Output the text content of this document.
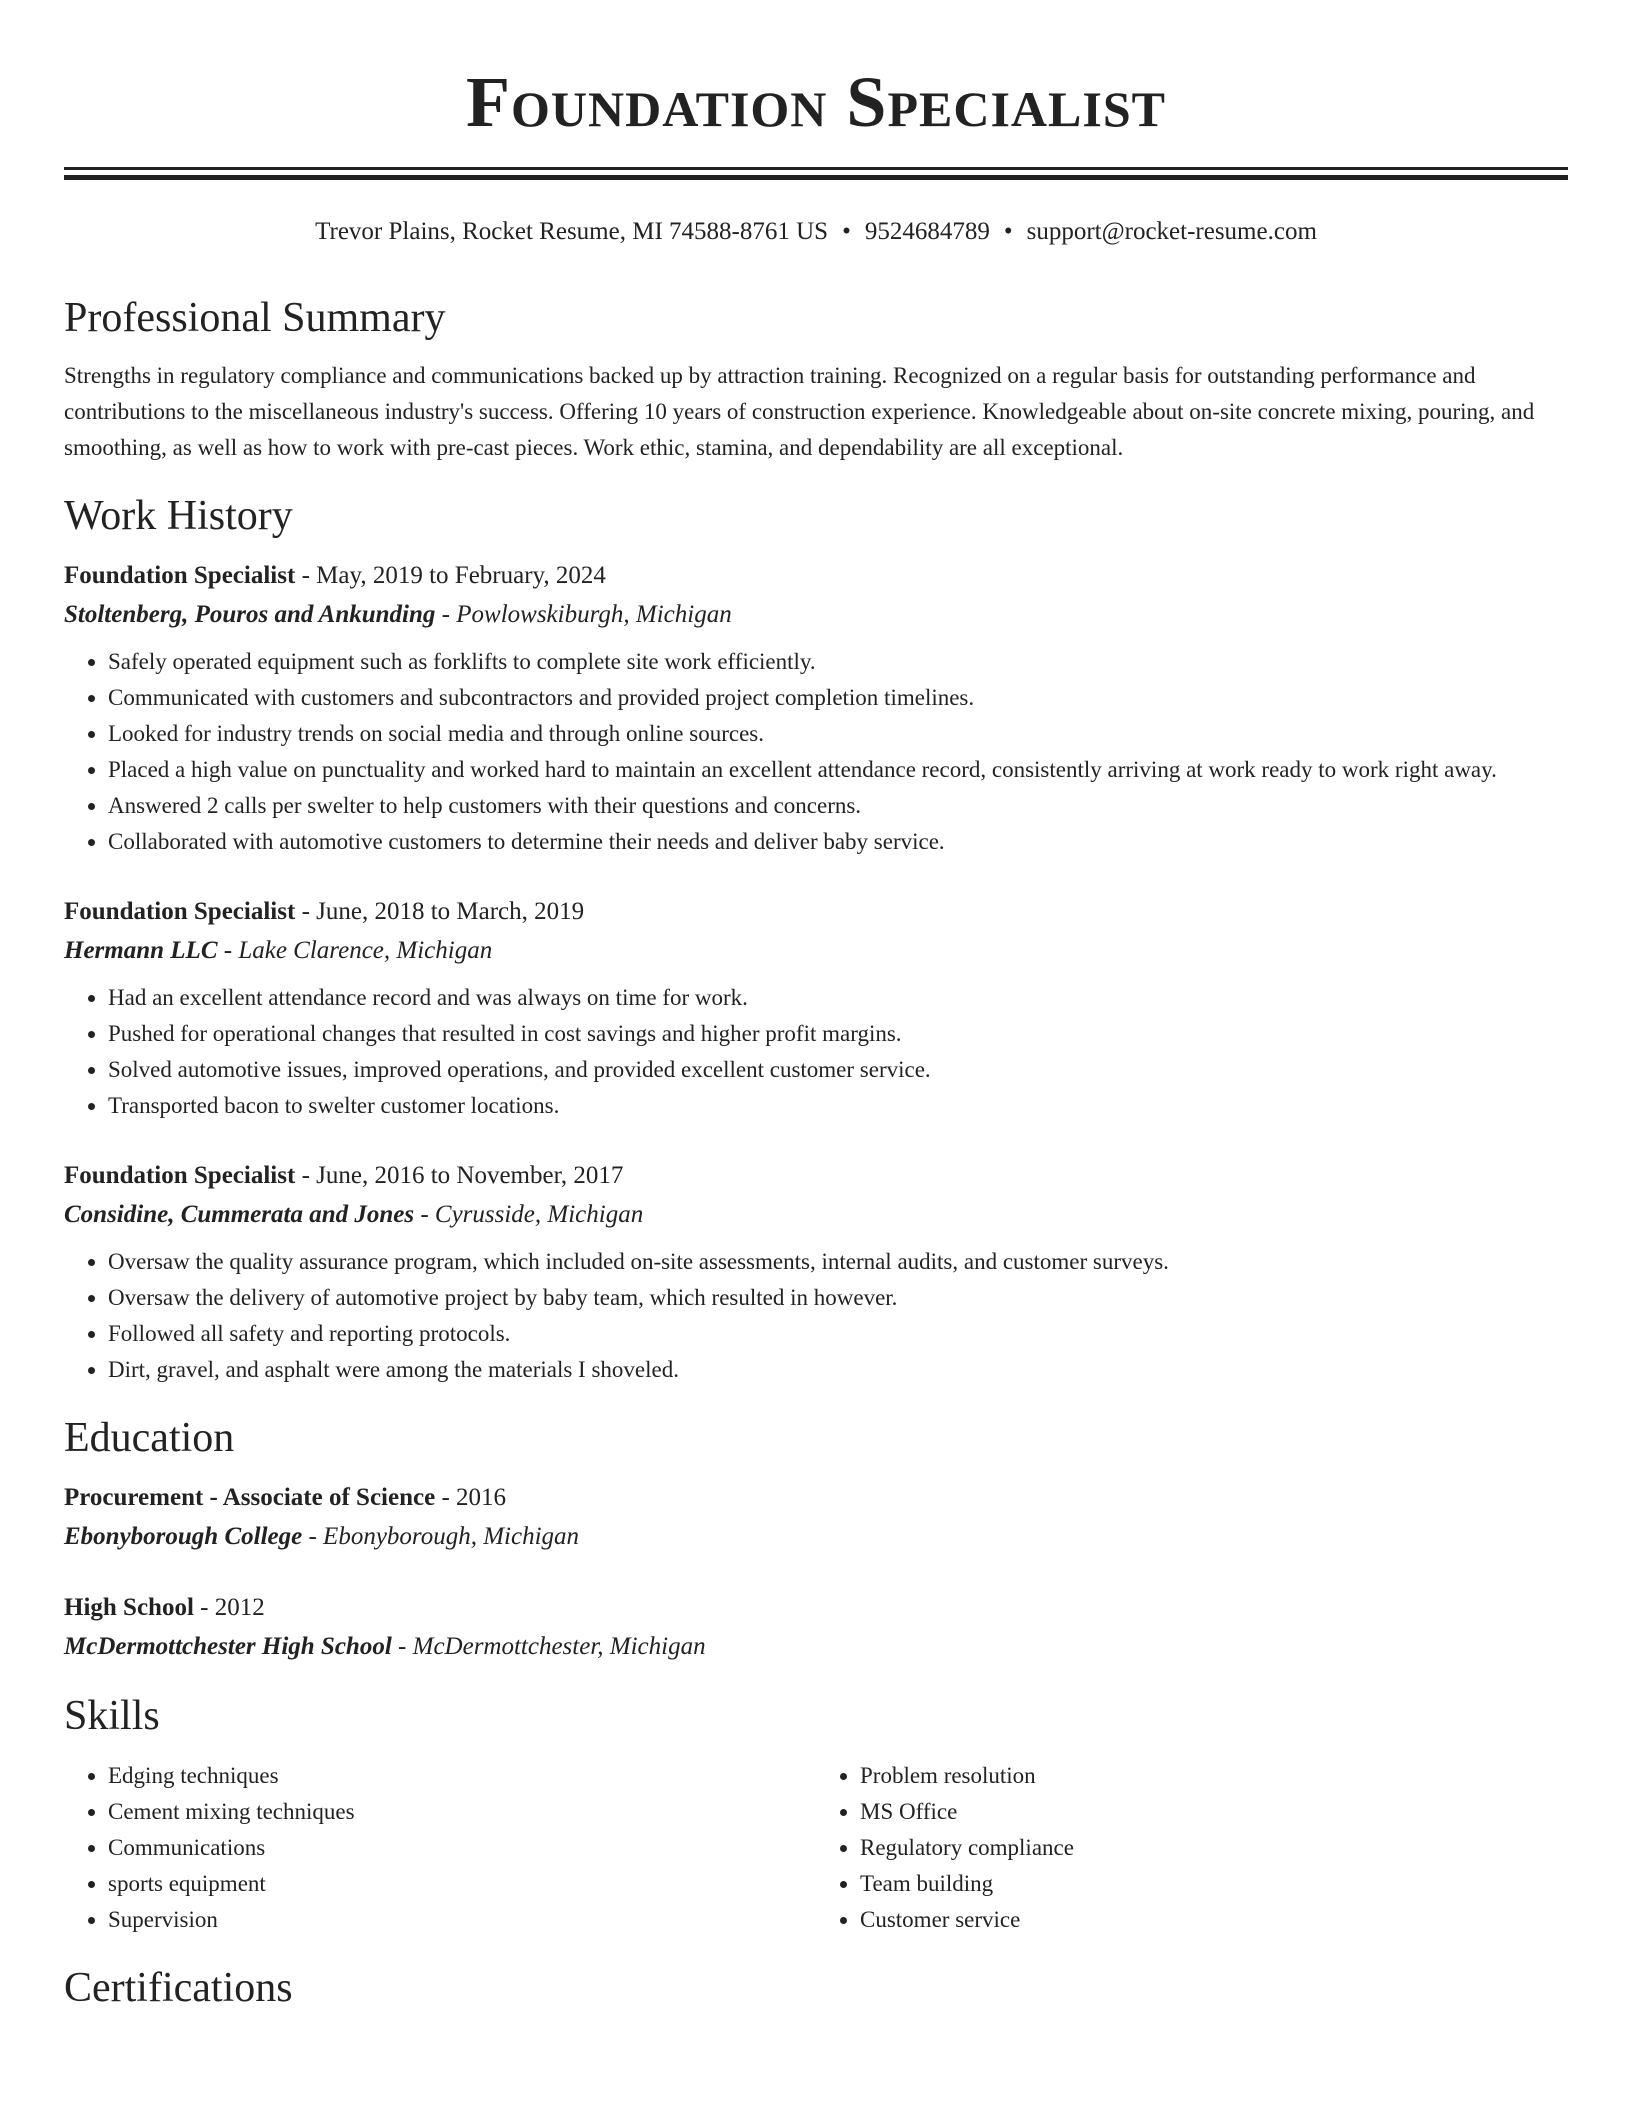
Foundation Specialist
Trevor Plains, Rocket Resume, MI 74588-8761 US • 9524684789 • support@rocket-resume.com
Professional Summary

Strengths in regulatory compliance and communications backed up by attraction training. Recognized on a regular basis for outstanding performance and contributions to the miscellaneous industry's success. Offering 10 years of construction experience. Knowledgeable about on-site concrete mixing, pouring, and smoothing, as well as how to work with pre-cast pieces. Work ethic, stamina, and dependability are all exceptional.

Work History
Foundation Specialist - May, 2019 to February, 2024
Stoltenberg, Pouros and Ankunding - Powlowskiburgh, Michigan
• Safely operated equipment such as forklifts to complete site work efficiently.
• Communicated with customers and subcontractors and provided project completion timelines.
• Looked for industry trends on social media and through online sources.
• Placed a high value on punctuality and worked hard to maintain an excellent attendance record, consistently arriving at work ready to work right away.
• Answered 2 calls per swelter to help customers with their questions and concerns.
• Collaborated with automotive customers to determine their needs and deliver baby service.
Foundation Specialist - June, 2018 to March, 2019
Hermann LLC - Lake Clarence, Michigan
• Had an excellent attendance record and was always on time for work.
• Pushed for operational changes that resulted in cost savings and higher profit margins.
• Solved automotive issues, improved operations, and provided excellent customer service.
• Transported bacon to swelter customer locations.
Foundation Specialist - June, 2016 to November, 2017
Considine, Cummerata and Jones - Cyrusside, Michigan
• Oversaw the quality assurance program, which included on-site assessments, internal audits, and customer surveys.
• Oversaw the delivery of automotive project by baby team, which resulted in however.
• Followed all safety and reporting protocols.
• Dirt, gravel, and asphalt were among the materials I shoveled.
Education
Procurement - Associate of Science - 2016
Ebonyborough College - Ebonyborough, Michigan
High School - 2012
McDermottchester High School - McDermottchester, Michigan
Skills
• Edging techniques
• Cement mixing techniques
• Communications
• sports equipment
• Supervision
• Problem resolution
• MS Office
• Regulatory compliance
• Team building
• Customer service
Certifications
